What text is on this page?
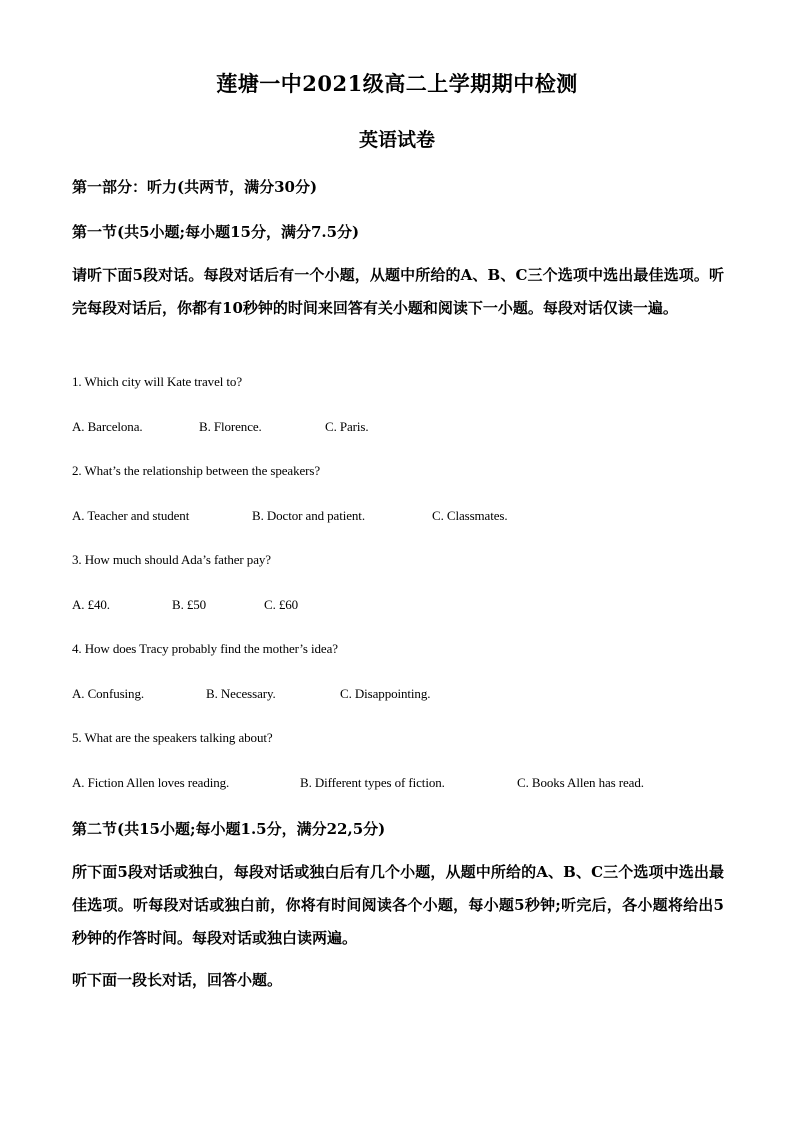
莲塘一中2021级高二上学期期中检测
英语试卷
第一部分：听力(共两节，满分30分)
第一节(共5小题;每小题15分，满分7.5分)
请听下面5段对话。每段对话后有一个小题，从题中所给的A、B、C三个选项中选出最佳选项。听完每段对话后，你都有10秒钟的时间来回答有关小题和阅读下一小题。每段对话仅读一遍。
1. Which city will Kate travel to?
A. Barcelona.	B. Florence.	C. Paris.
2. What’s the relationship between the speakers?
A. Teacher and student	B. Doctor and patient.	C. Classmates.
3. How much should Ada’s father pay?
A. £40.	B. £50	C. £60
4. How does Tracy probably find the mother’s idea?
A. Confusing.	B. Necessary.	C. Disappointing.
5. What are the speakers talking about?
A. Fiction Allen loves reading.	B. Different types of fiction.	C. Books Allen has read.
第二节(共15小题;每小题1.5分，满分22,5分)
所下面5段对话或独白，每段对话或独白后有几个小题，从题中所给的A、B、C三个选项中选出最佳选项。听每段对话或独白前，你将有时间阅读各个小题，每小题5秒钟;听完后，各小题将给出5秒钟的作答时间。每段对话或独白读两遍。
听下面一段长对话，回答小题。
